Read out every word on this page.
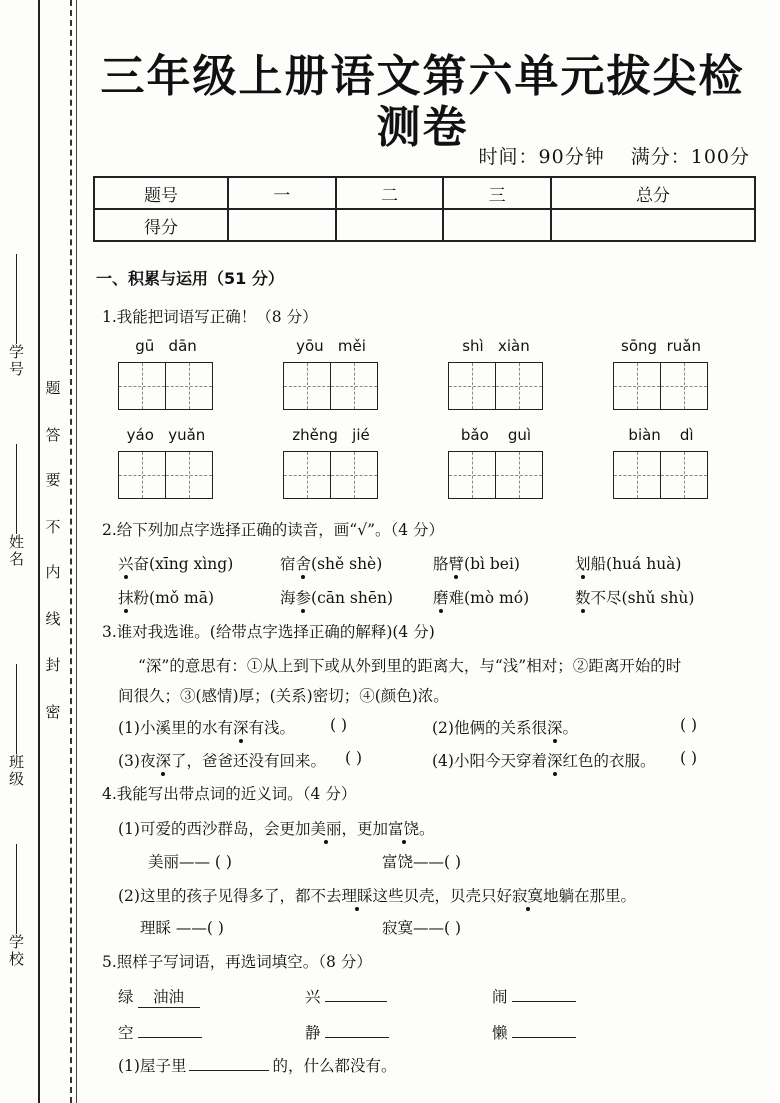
学号
姓名
班级
学校
题
答
要
不
内
线
封
密
三年级上册语文第六单元拔尖检测卷
时间：90分钟 满分：100分
题号	一	二	三	总分
得分				
一、积累与运用（51 分）
1.我能把词语写正确！（8 分）
gū   dān	yōu   měi	shì   xiàn	sōng  ruǎn
yáo   yuǎn	zhěng   jié	bǎo    guì	biàn    dì
2.给下列加点字选择正确的读音，画“√”。（4 分）
兴奋(xīng xìng)	宿舍(shě shè)	胳臂(bì bei)	划船(huá huà)
抹粉(mǒ mā)	海参(cān shēn)	磨难(mò mó)	数不尽(shǔ shù)
3.谁对我选谁。(给带点字选择正确的解释)(4 分)
“深”的意思有：①从上到下或从外到里的距离大，与“浅”相对；②距离开始的时
间很久；③(感情)厚；(关系)密切；④(颜色)浓。
(1)小溪里的水有深有浅。 ( )	(2)他俩的关系很深。	( )
(3)夜深了，爸爸还没有回来。 ( )	(4)小阳今天穿着深红色的衣服。 ( )
4.我能写出带点词的近义词。（4 分）
(1)可爱的西沙群岛，会更加美丽，更加富饶。
美丽—— ( )	富饶——( )
(2)这里的孩子见得多了，都不去理睬这些贝壳，贝壳只好寂寞地躺在那里。
理睬 ——( )	寂寞——( )
5.照样子写词语，再选词填空。（8 分）
绿 油油	兴	闹
空	静	懒
(1)屋子里	的，什么都没有。
